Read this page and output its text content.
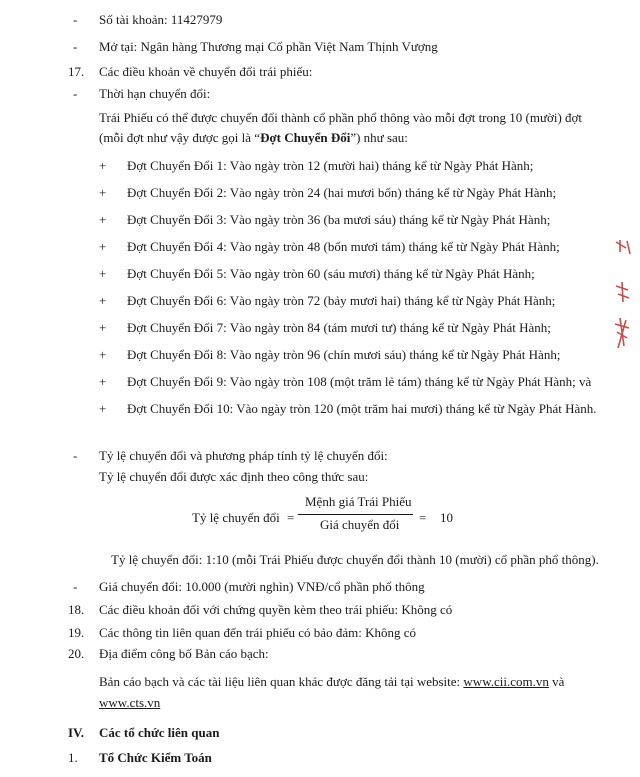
- Số tài khoản: 11427979
- Mở tại: Ngân hàng Thương mại Cổ phần Việt Nam Thịnh Vượng
17. Các điều khoản về chuyển đổi trái phiếu:
- Thời hạn chuyển đổi:
Trái Phiếu có thể được chuyển đổi thành cổ phần phổ thông vào mỗi đợt trong 10 (mười) đợt
(mỗi đợt như vậy được gọi là “Đợt Chuyển Đổi”) như sau:
+ Đợt Chuyển Đổi 1: Vào ngày tròn 12 (mười hai) tháng kể từ Ngày Phát Hành;
+ Đợt Chuyển Đổi 2: Vào ngày tròn 24 (hai mươi bốn) tháng kể từ Ngày Phát Hành;
+ Đợt Chuyển Đổi 3: Vào ngày tròn 36 (ba mươi sáu) tháng kể từ Ngày Phát Hành;
+ Đợt Chuyển Đổi 4: Vào ngày tròn 48 (bốn mươi tám) tháng kể từ Ngày Phát Hành;
+ Đợt Chuyển Đổi 5: Vào ngày tròn 60 (sáu mươi) tháng kể từ Ngày Phát Hành;
+ Đợt Chuyển Đổi 6: Vào ngày tròn 72 (bảy mươi hai) tháng kể từ Ngày Phát Hành;
+ Đợt Chuyển Đổi 7: Vào ngày tròn 84 (tám mươi tư) tháng kể từ Ngày Phát Hành;
+ Đợt Chuyển Đổi 8: Vào ngày tròn 96 (chín mươi sáu) tháng kể từ Ngày Phát Hành;
+ Đợt Chuyển Đổi 9: Vào ngày tròn 108 (một trăm lẻ tám) tháng kể từ Ngày Phát Hành; và
+ Đợt Chuyển Đổi 10: Vào ngày tròn 120 (một trăm hai mươi) tháng kể từ Ngày Phát Hành.
- Tỷ lệ chuyển đổi và phương pháp tính tỷ lệ chuyển đổi:
Tỷ lệ chuyển đổi được xác định theo công thức sau:
Tỷ lệ chuyển đổi =
Mệnh giá Trái Phiếu
Giá chuyển đổi = 10
Tỷ lệ chuyển đổi: 1:10 (mỗi Trái Phiếu được chuyển đổi thành 10 (mười) cổ phần phổ thông).
- Giá chuyển đổi: 10.000 (mười nghìn) VNĐ/cổ phần phổ thông
18. Các điều khoản đối với chứng quyền kèm theo trái phiếu: Không có
19. Các thông tin liên quan đến trái phiếu có bảo đảm: Không có
20. Địa điểm công bố Bản cáo bạch:
Bản cáo bạch và các tài liệu liên quan khác được đăng tải tại website: www.cii.com.vn và
www.cts.vn
IV. Các tổ chức liên quan
1. Tổ Chức Kiểm Toán
